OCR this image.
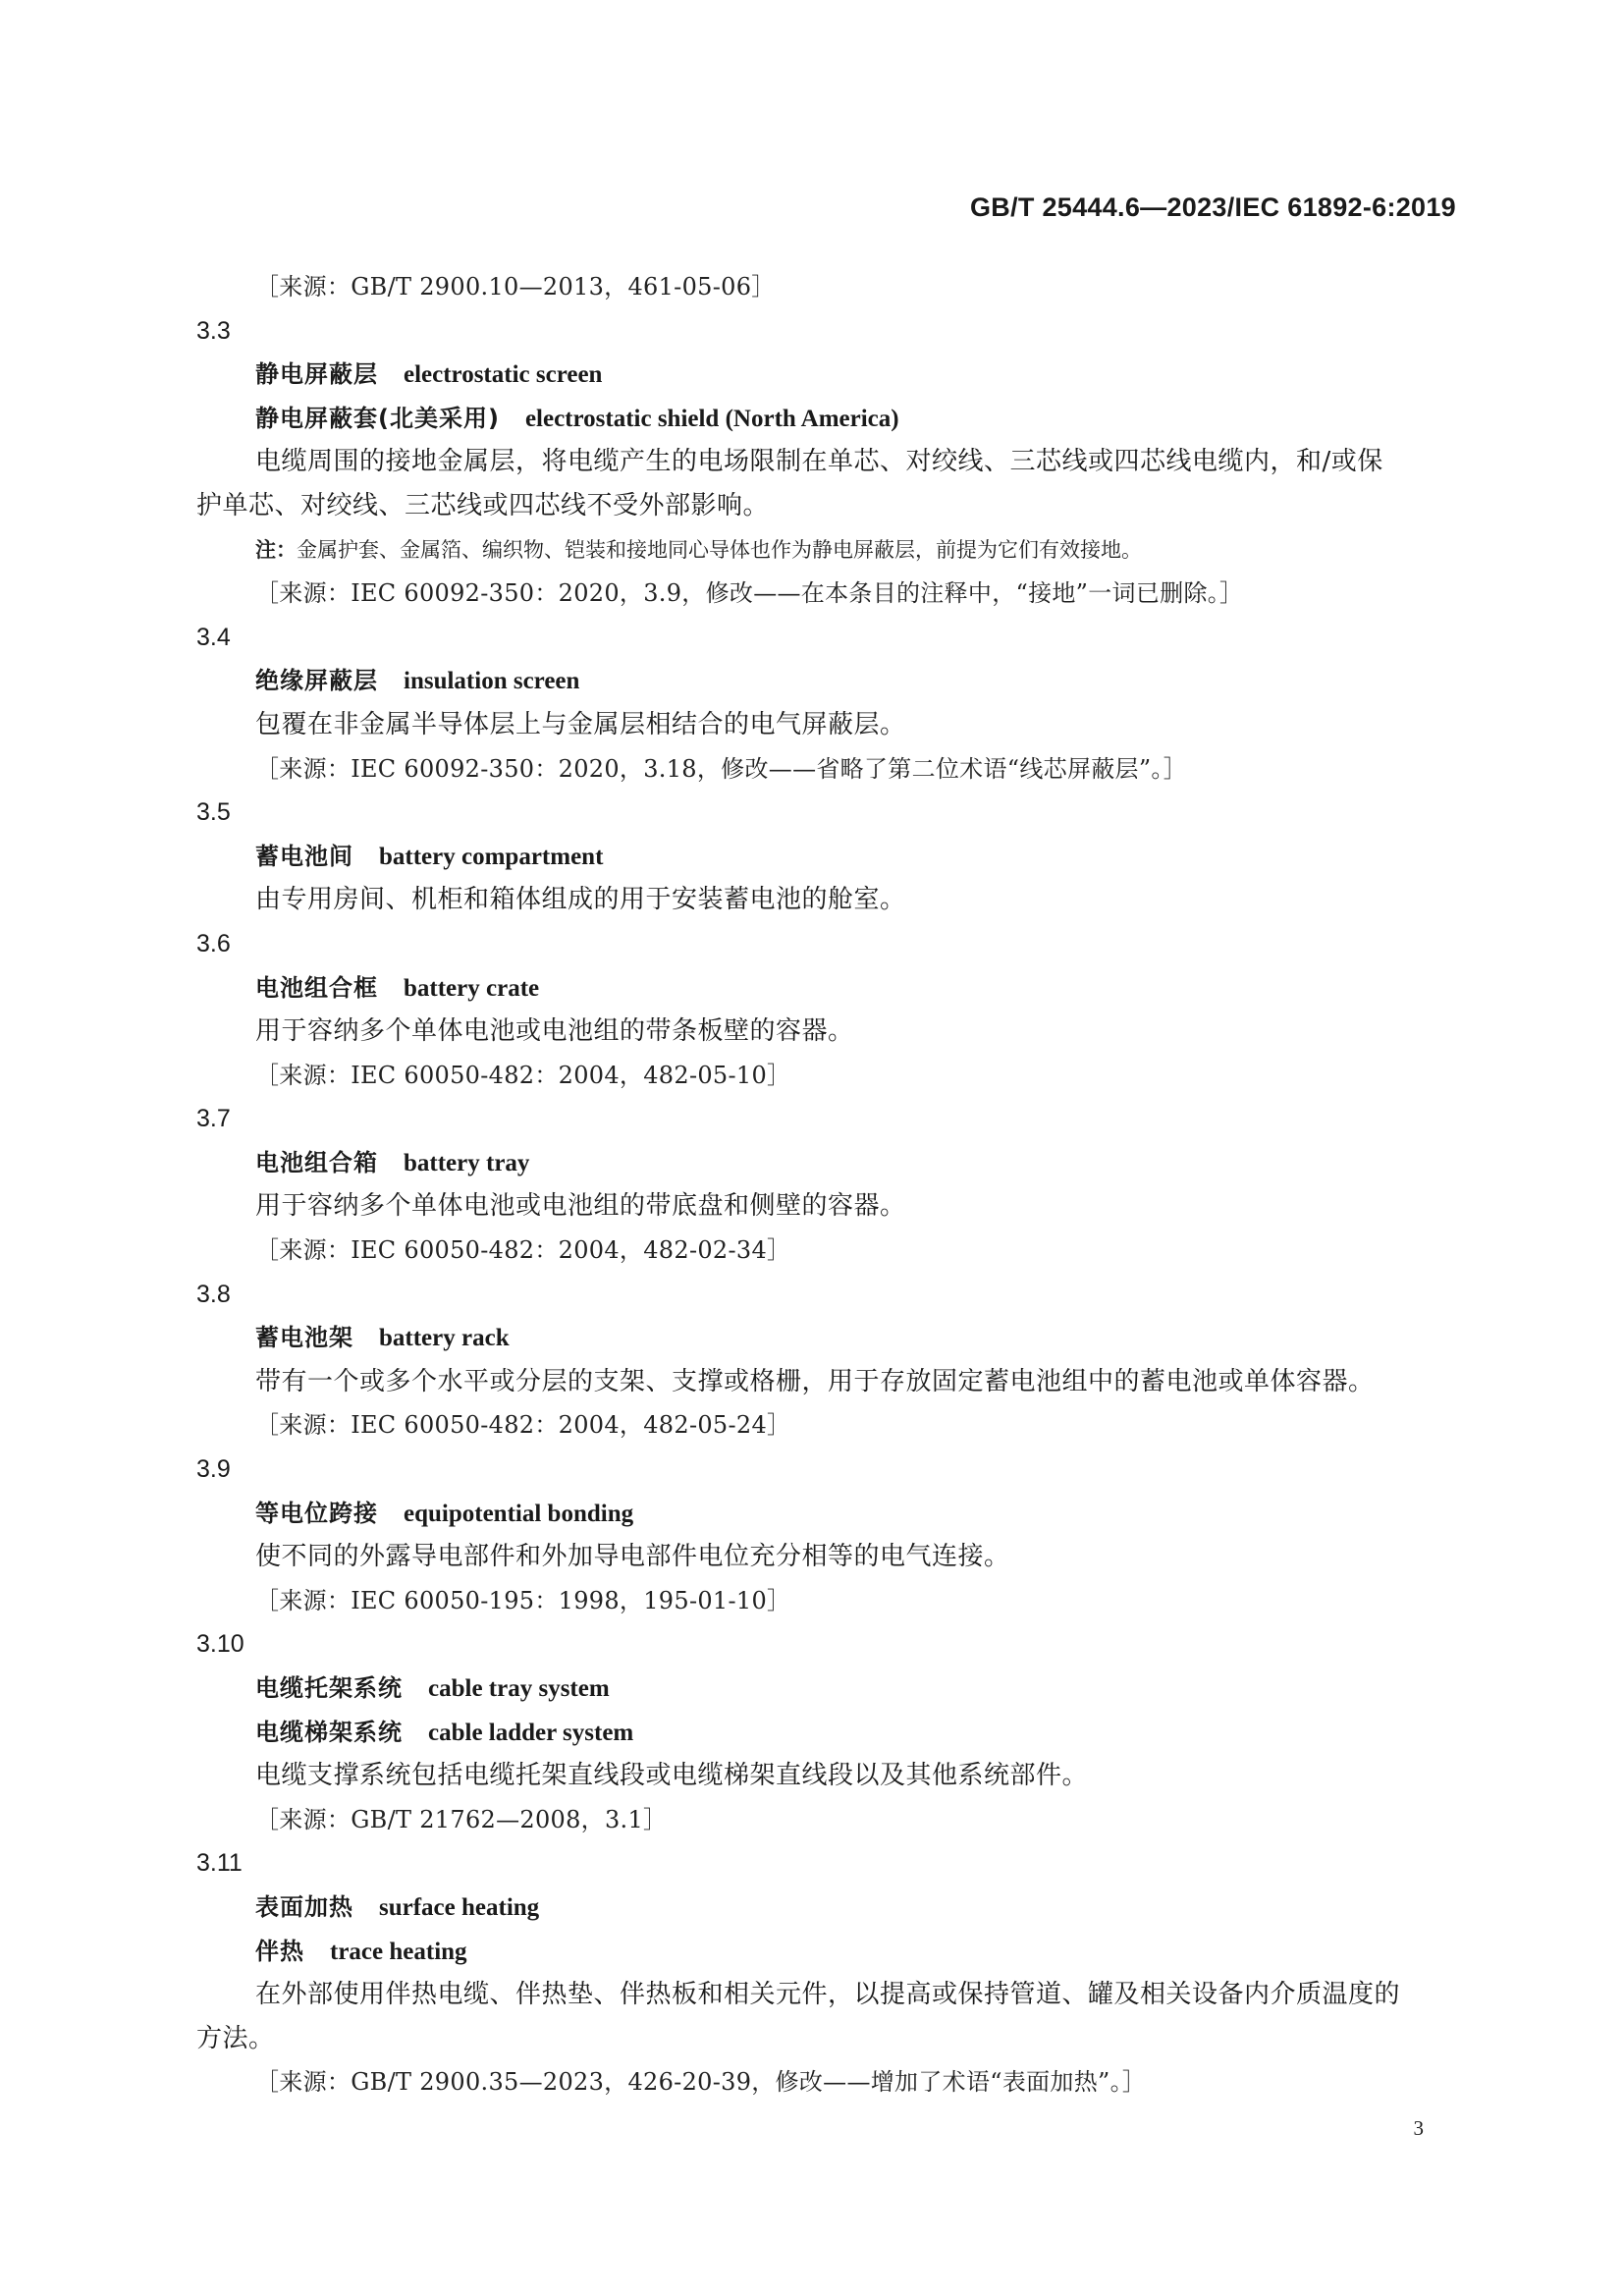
GB/T 25444.6—2023/IEC 61892-6:2019
［来源：GB/T 2900.10—2013，461-05-06］
3.3
静电屏蔽层 electrostatic screen
静电屏蔽套(北美采用) electrostatic shield (North America)
电缆周围的接地金属层，将电缆产生的电场限制在单芯、对绞线、三芯线或四芯线电缆内，和/或保
护单芯、对绞线、三芯线或四芯线不受外部影响。
注：金属护套、金属箔、编织物、铠装和接地同心导体也作为静电屏蔽层，前提为它们有效接地。
［来源：IEC 60092-350：2020，3.9，修改——在本条目的注释中，“接地”一词已删除。］
3.4
绝缘屏蔽层 insulation screen
包覆在非金属半导体层上与金属层相结合的电气屏蔽层。
［来源：IEC 60092-350：2020，3.18，修改——省略了第二位术语“线芯屏蔽层”。］
3.5
蓄电池间 battery compartment
由专用房间、机柜和箱体组成的用于安装蓄电池的舱室。
3.6
电池组合框 battery crate
用于容纳多个单体电池或电池组的带条板壁的容器。
［来源：IEC 60050-482：2004，482-05-10］
3.7
电池组合箱 battery tray
用于容纳多个单体电池或电池组的带底盘和侧壁的容器。
［来源：IEC 60050-482：2004，482-02-34］
3.8
蓄电池架 battery rack
带有一个或多个水平或分层的支架、支撑或格栅，用于存放固定蓄电池组中的蓄电池或单体容器。
［来源：IEC 60050-482：2004，482-05-24］
3.9
等电位跨接 equipotential bonding
使不同的外露导电部件和外加导电部件电位充分相等的电气连接。
［来源：IEC 60050-195：1998，195-01-10］
3.10
电缆托架系统 cable tray system
电缆梯架系统 cable ladder system
电缆支撑系统包括电缆托架直线段或电缆梯架直线段以及其他系统部件。
［来源：GB/T 21762—2008，3.1］
3.11
表面加热 surface heating
伴热 trace heating
在外部使用伴热电缆、伴热垫、伴热板和相关元件，以提高或保持管道、罐及相关设备内介质温度的
方法。
［来源：GB/T 2900.35—2023，426-20-39，修改——增加了术语“表面加热”。］
3
